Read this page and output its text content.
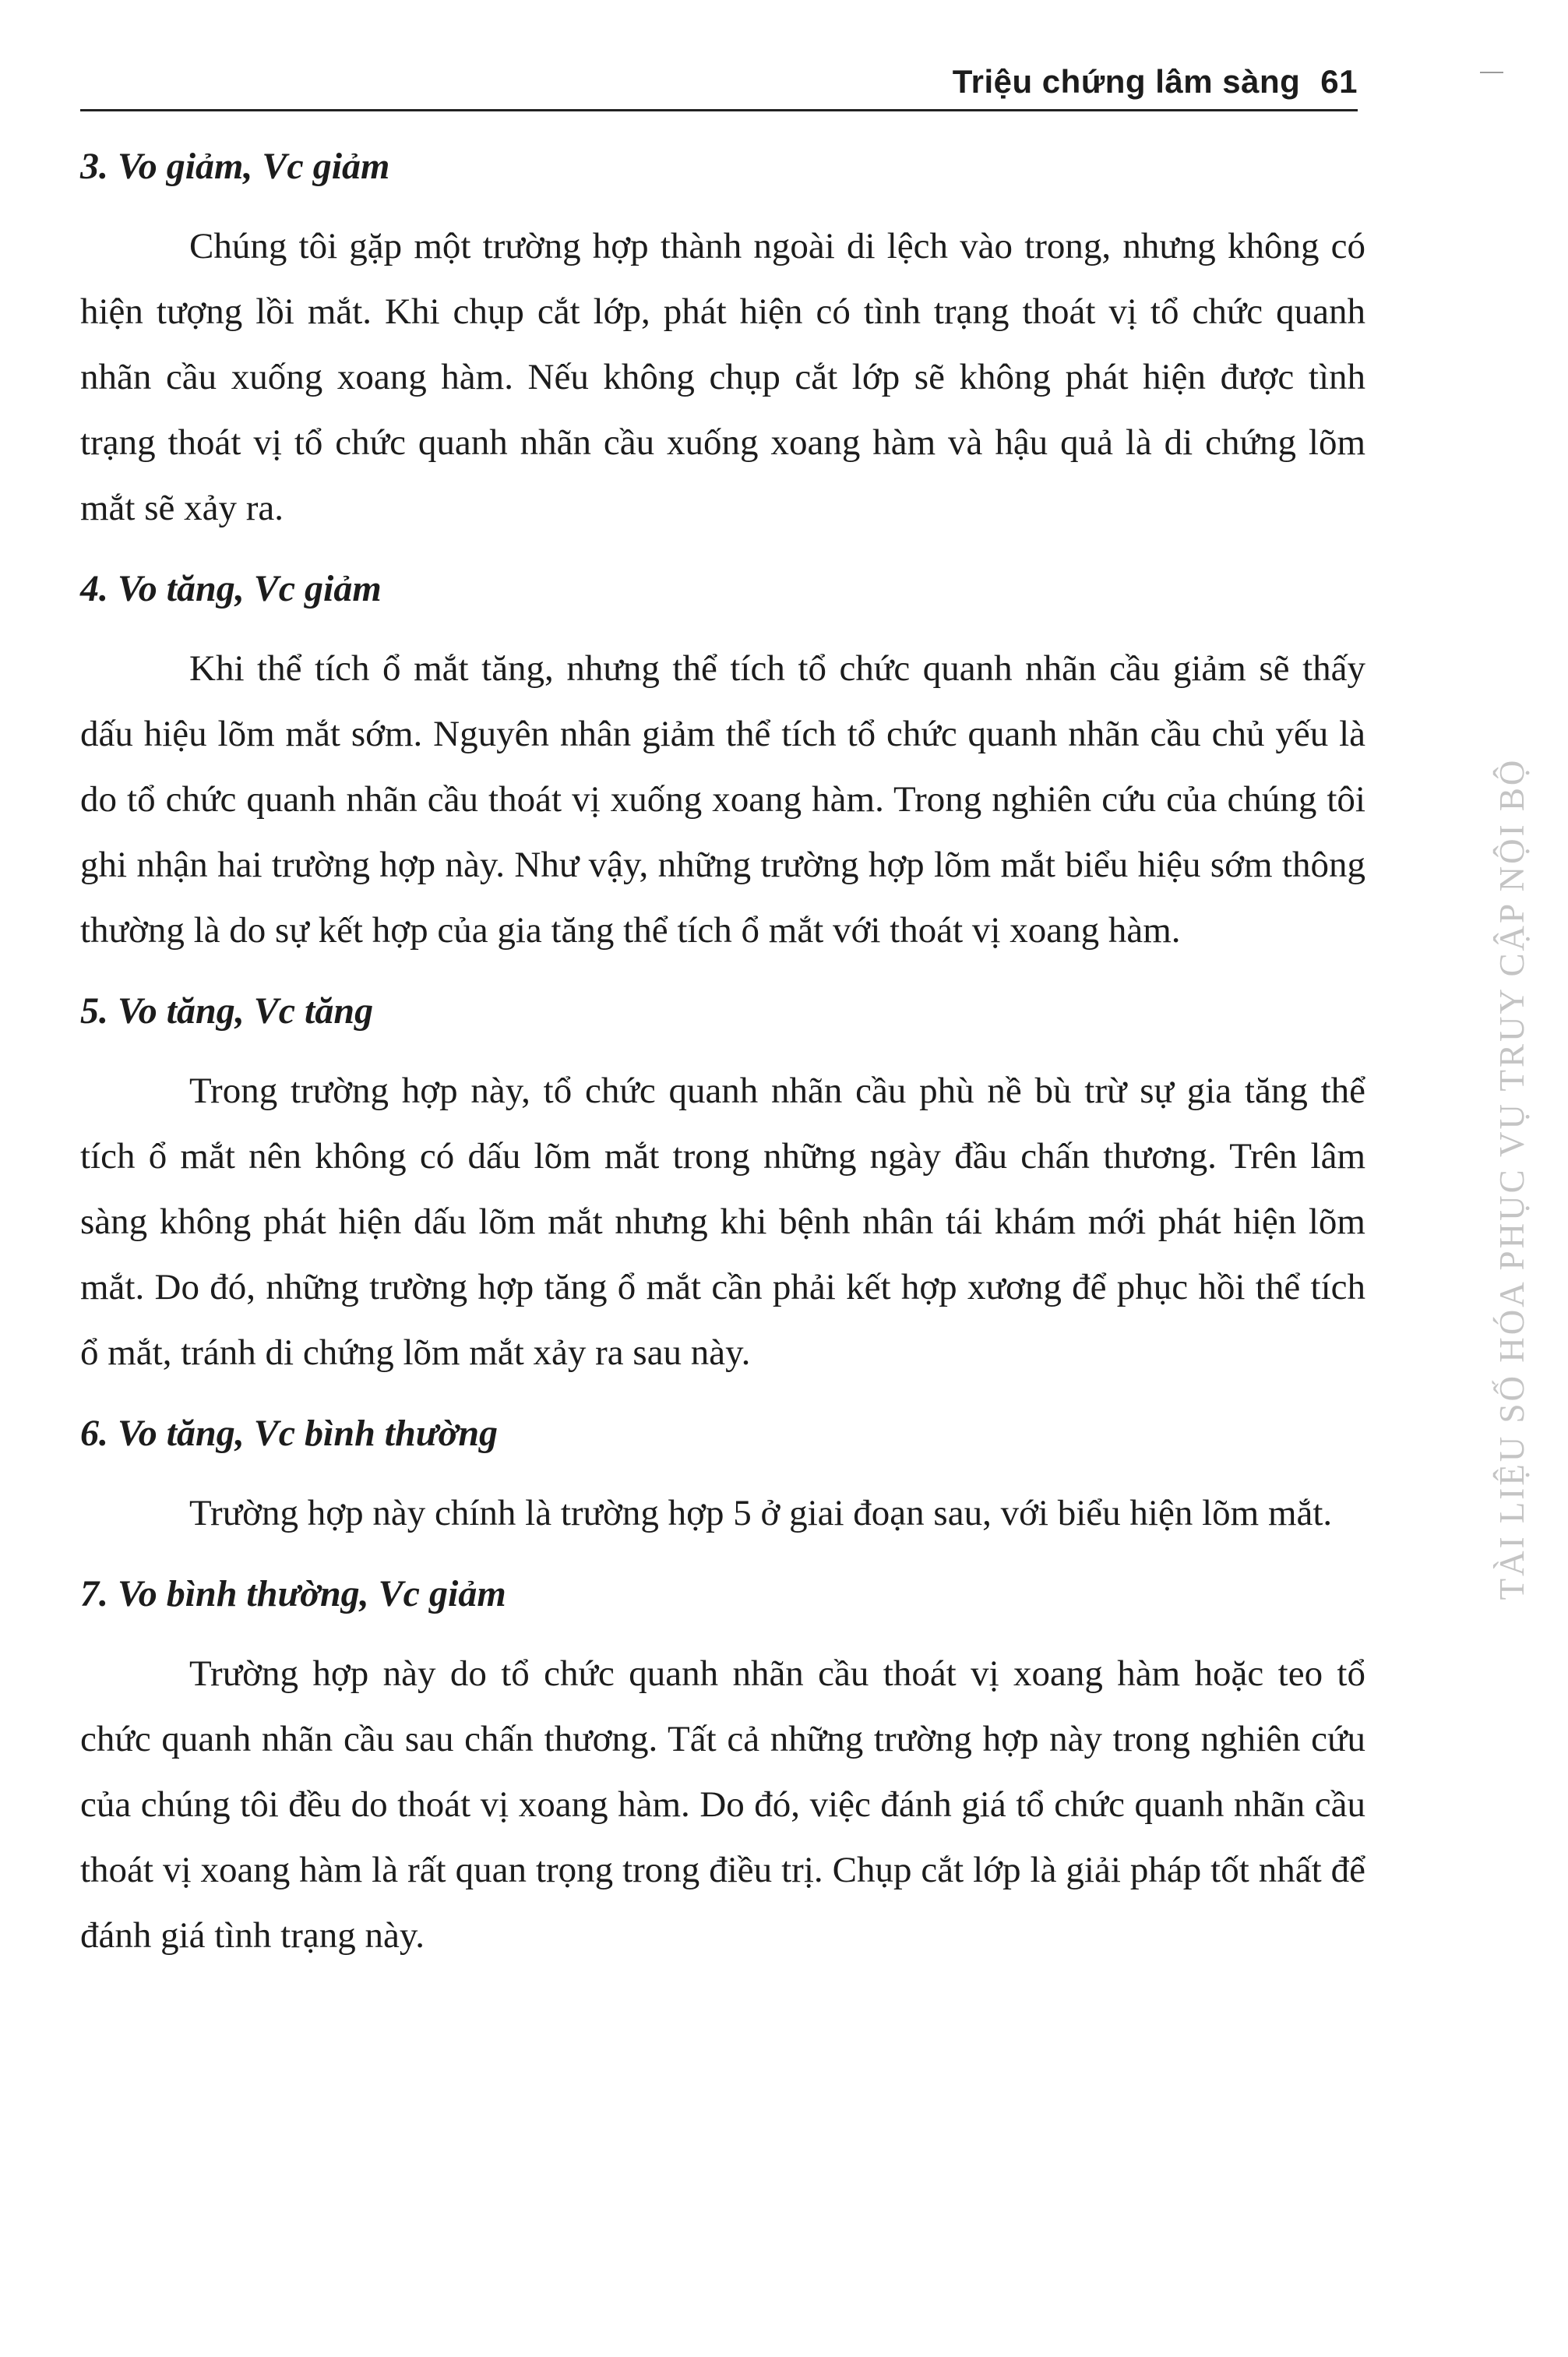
Triệu chứng lâm sàng 61
3. Vo giảm, Vc giảm

Chúng tôi gặp một trường hợp thành ngoài di lệch vào trong, nhưng không có hiện tượng lồi mắt. Khi chụp cắt lớp, phát hiện có tình trạng thoát vị tổ chức quanh nhãn cầu xuống xoang hàm. Nếu không chụp cắt lớp sẽ không phát hiện được tình trạng thoát vị tổ chức quanh nhãn cầu xuống xoang hàm và hậu quả là di chứng lõm mắt sẽ xảy ra.

4. Vo tăng, Vc giảm

Khi thể tích ổ mắt tăng, nhưng thể tích tổ chức quanh nhãn cầu giảm sẽ thấy dấu hiệu lõm mắt sớm. Nguyên nhân giảm thể tích tổ chức quanh nhãn cầu chủ yếu là do tổ chức quanh nhãn cầu thoát vị xuống xoang hàm. Trong nghiên cứu của chúng tôi ghi nhận hai trường hợp này. Như vậy, những trường hợp lõm mắt biểu hiệu sớm thông thường là do sự kết hợp của gia tăng thể tích ổ mắt với thoát vị xoang hàm.

5. Vo tăng, Vc tăng

Trong trường hợp này, tổ chức quanh nhãn cầu phù nề bù trừ sự gia tăng thể tích ổ mắt nên không có dấu lõm mắt trong những ngày đầu chấn thương. Trên lâm sàng không phát hiện dấu lõm mắt nhưng khi bệnh nhân tái khám mới phát hiện lõm mắt. Do đó, những trường hợp tăng ổ mắt cần phải kết hợp xương để phục hồi thể tích ổ mắt, tránh di chứng lõm mắt xảy ra sau này.

6. Vo tăng, Vc bình thường

Trường hợp này chính là trường hợp 5 ở giai đoạn sau, với biểu hiện lõm mắt.

7. Vo bình thường, Vc giảm

Trường hợp này do tổ chức quanh nhãn cầu thoát vị xoang hàm hoặc teo tổ chức quanh nhãn cầu sau chấn thương. Tất cả những trường hợp này trong nghiên cứu của chúng tôi đều do thoát vị xoang hàm. Do đó, việc đánh giá tổ chức quanh nhãn cầu thoát vị xoang hàm là rất quan trọng trong điều trị. Chụp cắt lớp là giải pháp tốt nhất để đánh giá tình trạng này.

TÀI LIỆU SỐ HÓA PHỤC VỤ TRUY CẬP NỘI BỘ
